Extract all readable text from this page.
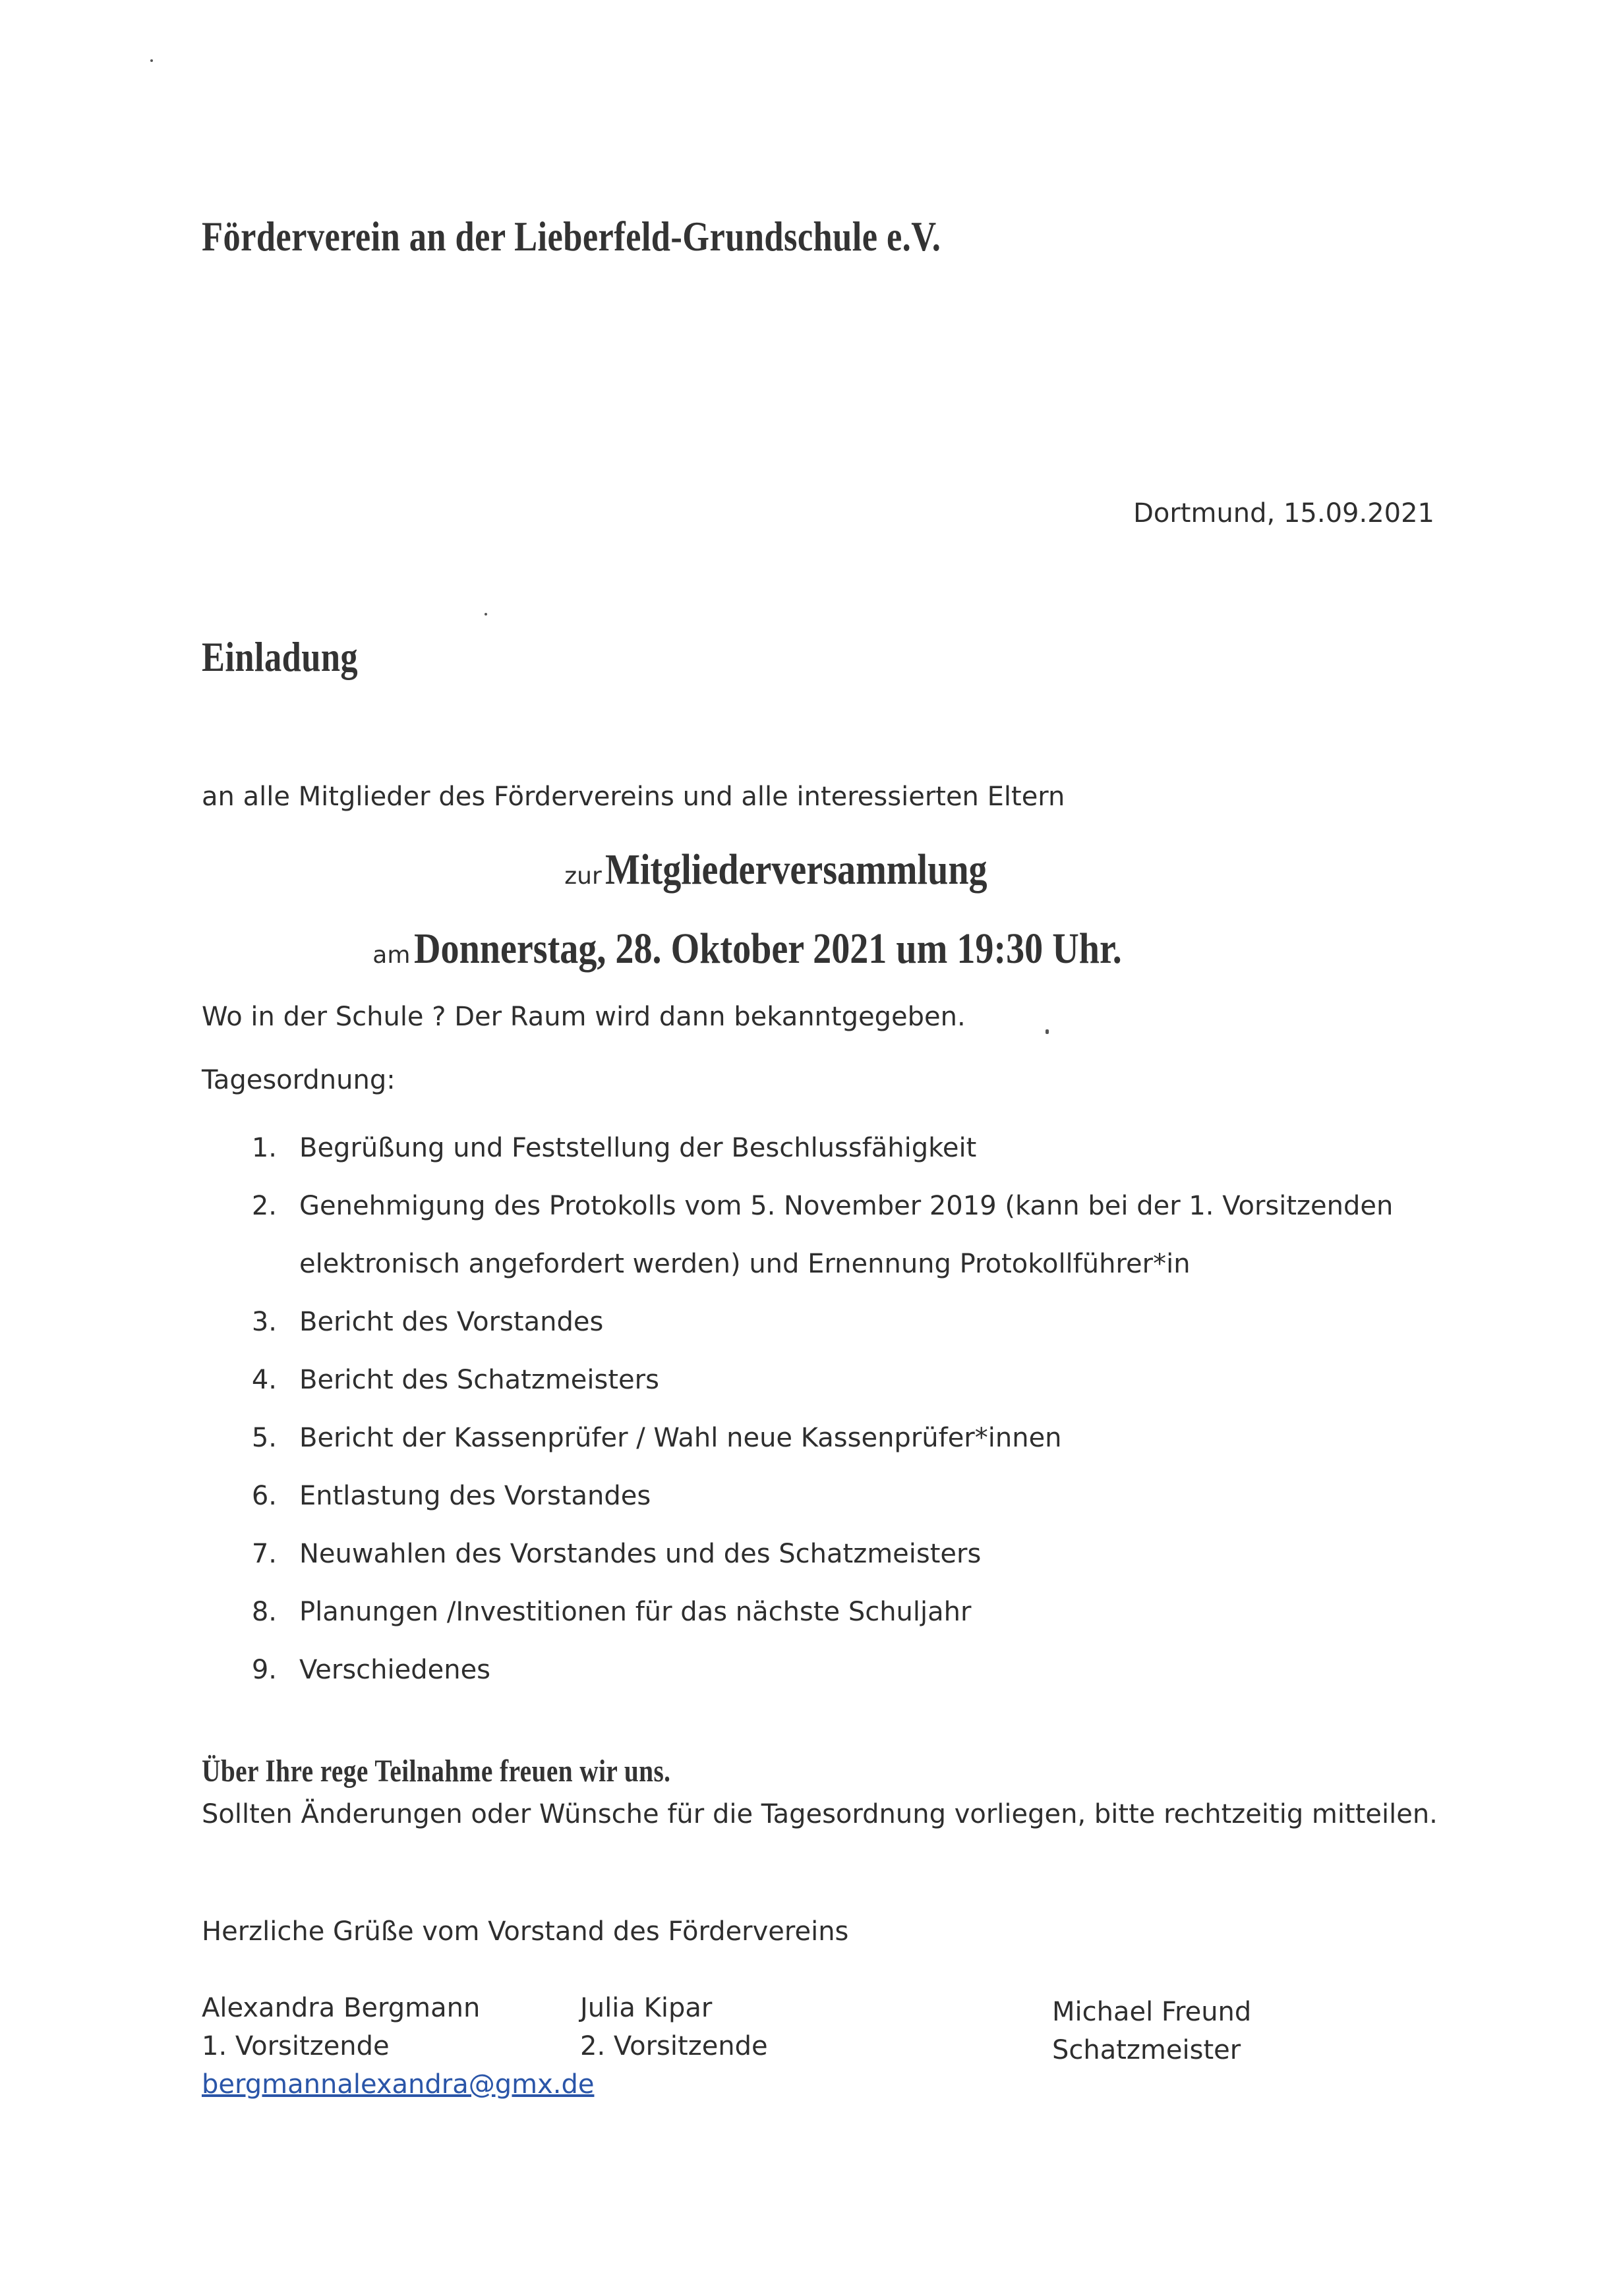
Förderverein an der Lieberfeld-Grundschule e.V.
Dortmund, 15.09.2021
Einladung
an alle Mitglieder des Fördervereins und alle interessierten Eltern
zur Mitgliederversammlung
am Donnerstag, 28. Oktober 2021 um 19:30 Uhr.
Wo in der Schule ? Der Raum wird dann bekanntgegeben.
Tagesordnung:
1. Begrüßung und Feststellung der Beschlussfähigkeit
2. Genehmigung des Protokolls vom 5. November 2019 (kann bei der 1. Vorsitzenden
elektronisch angefordert werden) und Ernennung Protokollführer*in
3. Bericht des Vorstandes
4. Bericht des Schatzmeisters
5. Bericht der Kassenprüfer / Wahl neue Kassenprüfer*innen
6. Entlastung des Vorstandes
7. Neuwahlen des Vorstandes und des Schatzmeisters
8. Planungen /Investitionen für das nächste Schuljahr
9. Verschiedenes
Über Ihre rege Teilnahme freuen wir uns.
Sollten Änderungen oder Wünsche für die Tagesordnung vorliegen, bitte rechtzeitig mitteilen.
Herzliche Grüße vom Vorstand des Fördervereins
Alexandra Bergmann
1. Vorsitzende
bergmannalexandra@gmx.de
Julia Kipar
2. Vorsitzende
Michael Freund
Schatzmeister
